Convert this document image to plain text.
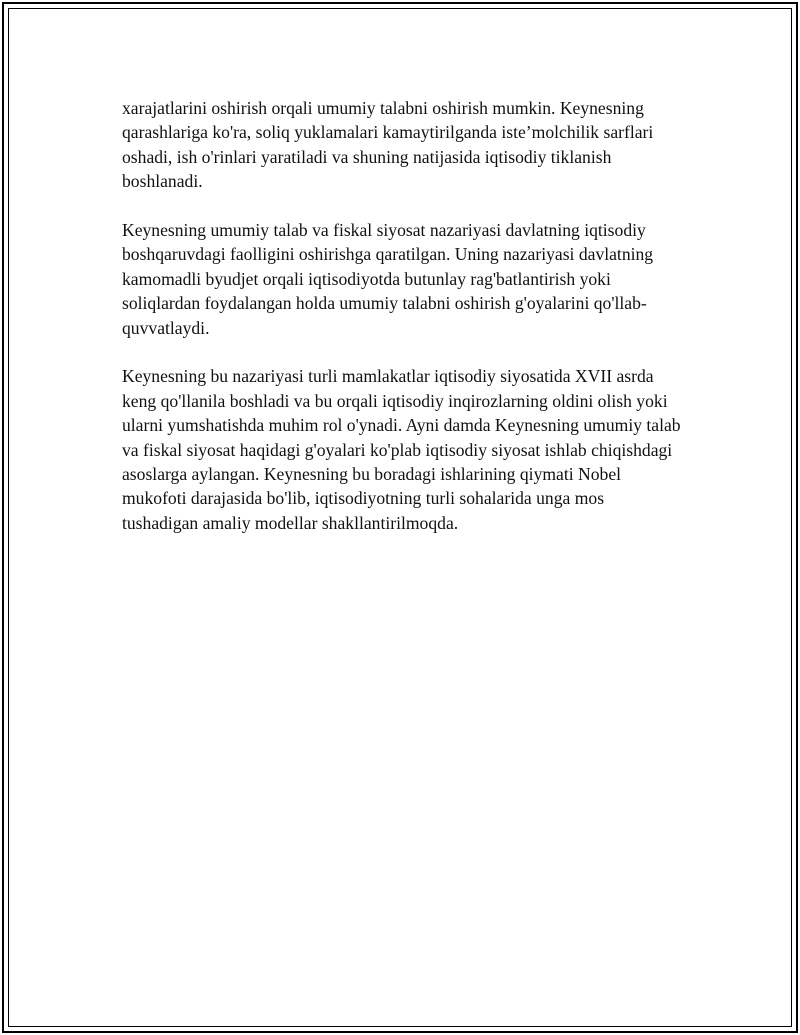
xarajatlarini oshirish orqali umumiy talabni oshirish mumkin. Keynesning qarashlariga ko'ra, soliq yuklamalari kamaytirilganda iste’molchilik sarflari oshadi, ish o'rinlari yaratiladi va shuning natijasida iqtisodiy tiklanish boshlanadi.

Keynesning umumiy talab va fiskal siyosat nazariyasi davlatning iqtisodiy boshqaruvdagi faolligini oshirishga qaratilgan. Uning nazariyasi davlatning kamomadli byudjet orqali iqtisodiyotda butunlay rag'batlantirish yoki soliqlardan foydalangan holda umumiy talabni oshirish g'oyalarini qo'llab-quvvatlaydi.

Keynesning bu nazariyasi turli mamlakatlar iqtisodiy siyosatida XVII asrda keng qo'llanila boshladi va bu orqali iqtisodiy inqirozlarning oldini olish yoki ularni yumshatishda muhim rol o'ynadi. Ayni damda Keynesning umumiy talab va fiskal siyosat haqidagi g'oyalari ko'plab iqtisodiy siyosat ishlab chiqishdagi asoslarga aylangan. Keynesning bu boradagi ishlarining qiymati Nobel mukofoti darajasida bo'lib, iqtisodiyotning turli sohalarida unga mos tushadigan amaliy modellar shakllantirilmoqda.
